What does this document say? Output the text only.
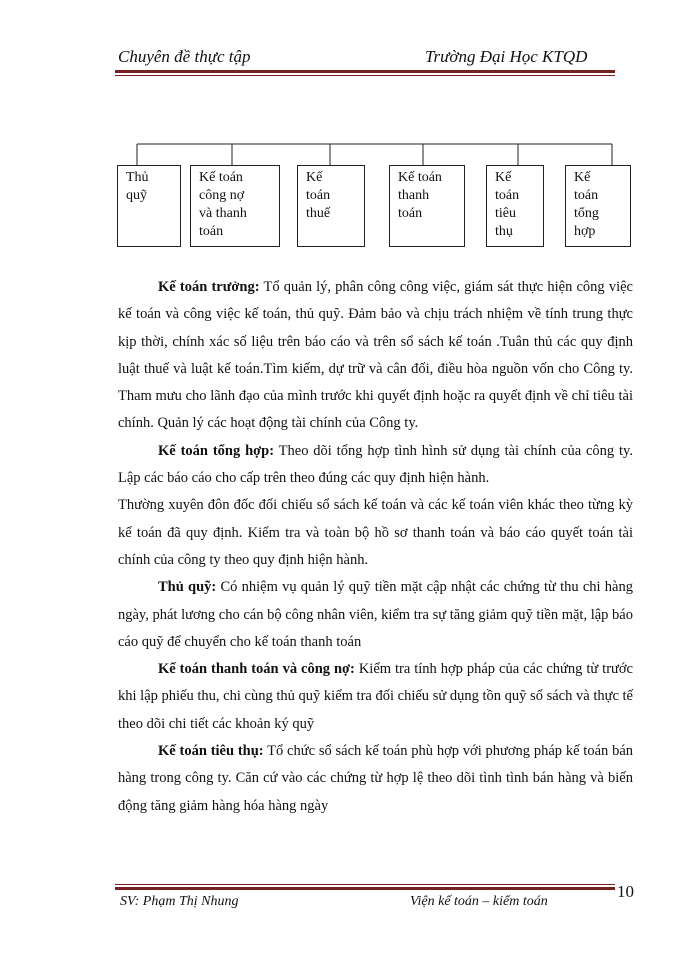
Chuyên đề thực tập	Trường Đại Học KTQD
Thủ
quỹ
Kế toán
công nợ
và thanh
toán
Kế
toán
thuế
Kế toán
thanh
toán
Kế
toán
tiêu
thụ
Kế
toán
tổng
hợp

Kế toán trưởng: Tổ quản lý, phân công công việc, giám sát thực hiện công việc kế toán và công việc kế toán, thủ quỹ. Đảm bảo và chịu trách nhiệm về tính trung thực kịp thời, chính xác số liệu trên báo cáo và trên sổ sách kế toán .Tuân thủ các quy định luật thuế và luật kế toán.Tìm kiếm, dự trữ và cân đối, điều hòa nguồn vốn cho Công ty. Tham mưu cho lãnh đạo của mình trước khi quyết định hoặc ra quyết định về chỉ tiêu tài chính. Quản lý các hoạt động tài chính của Công ty.

Kế toán tổng hợp: Theo dõi tổng hợp tình hình sử dụng tài chính của công ty. Lập các báo cáo cho cấp trên theo đúng các quy định hiện hành.

Thường xuyên đôn đốc đối chiếu sổ sách kế toán và các kế toán viên khác theo từng kỳ kế toán đã quy định. Kiểm tra và toàn bộ hồ sơ thanh toán và báo cáo quyết toán tài chính của công ty theo quy định hiện hành.

Thủ quỹ: Có nhiệm vụ quản lý quỹ tiền mặt cập nhật các chứng từ thu chi hàng ngày, phát lương cho cán bộ công nhân viên, kiểm tra sự tăng giảm quỹ tiền mặt, lập báo cáo quỹ để chuyển cho kế toán thanh toán

Kế toán thanh toán và công nợ: Kiểm tra tính hợp pháp của các chứng từ trước khi lập phiếu thu, chi cùng thủ quỹ kiểm tra đối chiếu sử dụng tồn quỹ sổ sách và thực tế theo dõi chi tiết các khoản ký quỹ

Kế toán tiêu thụ: Tổ chức sổ sách kế toán phù hợp với phương pháp kế toán bán hàng trong công ty. Căn cứ vào các chứng từ hợp lệ theo dõi tình tình bán hàng và biến động tăng giảm hàng hóa hàng ngày

SV: Phạm Thị Nhung	Viện kế toán – kiểm toán
10
